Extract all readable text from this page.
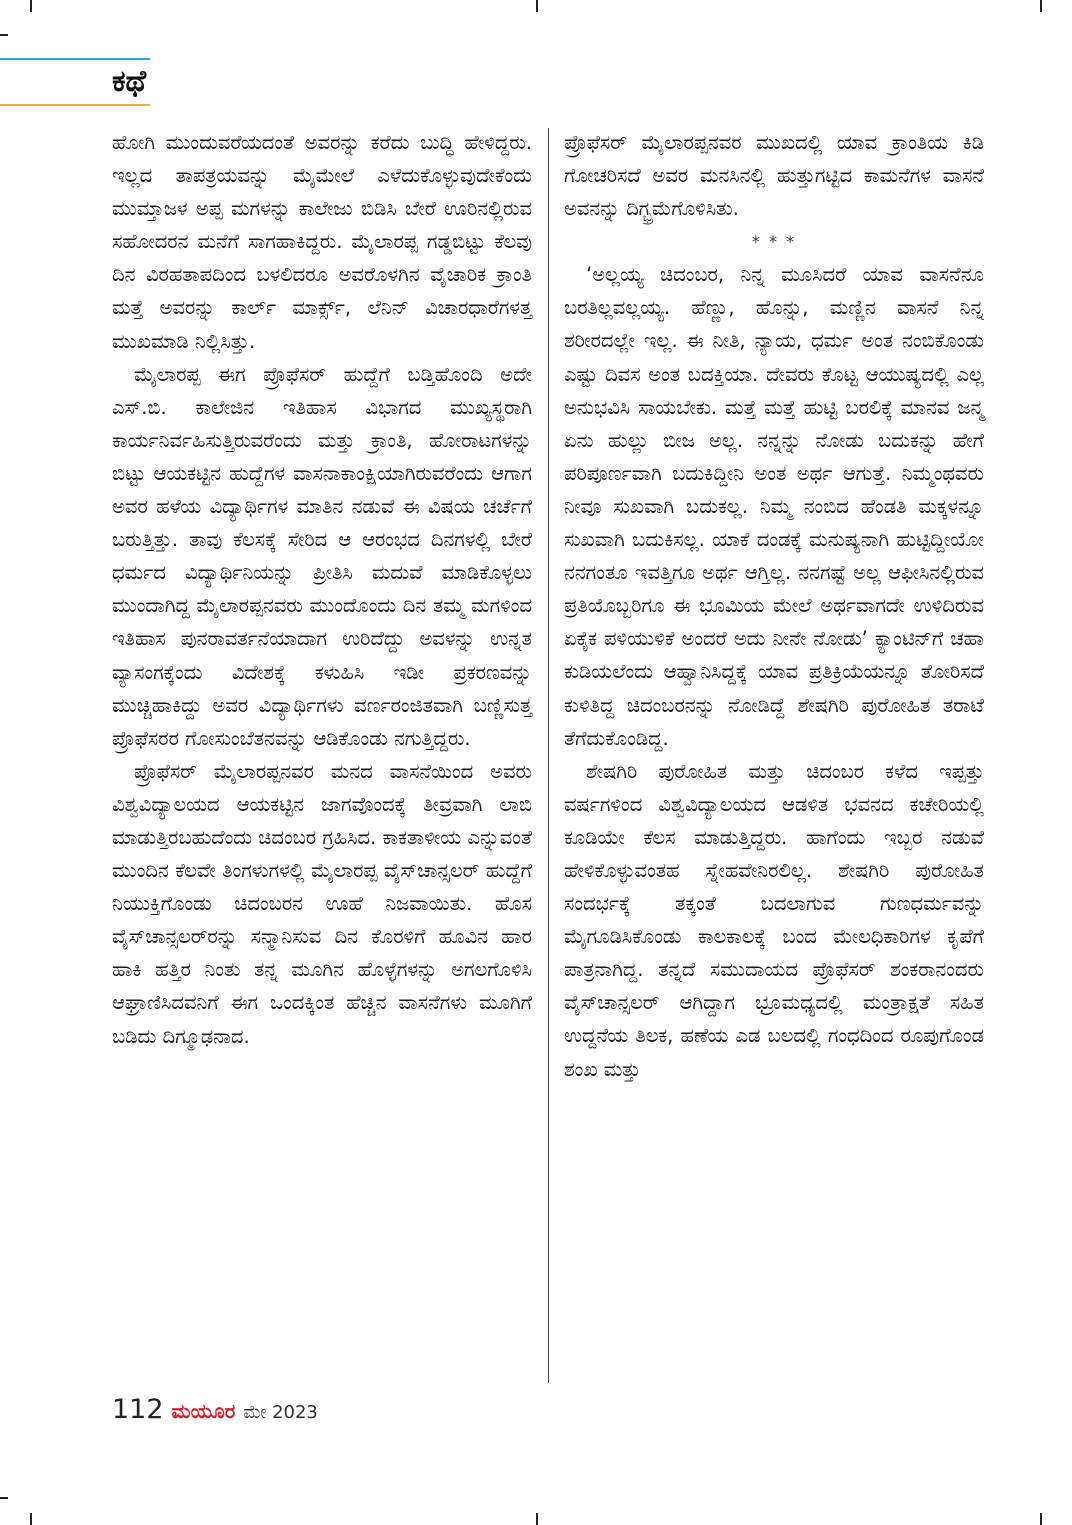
ಕಥೆ

ಹೋಗಿ ಮುಂದುವರೆಯದಂತೆ ಅವರನ್ನು ಕರೆದು ಬುದ್ಧಿ ಹೇಳಿದ್ದರು. ಇಲ್ಲದ ತಾಪತ್ರಯವನ್ನು ಮೈಮೇಲೆ ಎಳೆದುಕೊಳ್ಳುವುದೇಕೆಂದು ಮುಮ್ತಾಜಳ ಅಪ್ಪ ಮಗಳನ್ನು ಕಾಲೇಜು ಬಿಡಿಸಿ ಬೇರೆ ಊರಿನಲ್ಲಿರುವ ಸಹೋದರನ ಮನೆಗೆ ಸಾಗಹಾಕಿದ್ದರು. ಮೈಲಾರಪ್ಪ ಗಡ್ಡಬಿಟ್ಟು ಕೆಲವು ದಿನ ವಿರಹತಾಪದಿಂದ ಬಳಲಿದರೂ ಅವರೊಳಗಿನ ವೈಚಾರಿಕ ಕ್ರಾಂತಿ ಮತ್ತೆ ಅವರನ್ನು ಕಾರ್ಲ್ ಮಾರ್ಕ್ಸ್, ಲೆನಿನ್ ವಿಚಾರಧಾರೆಗಳತ್ತ ಮುಖಮಾಡಿ ನಿಲ್ಲಿಸಿತ್ತು.

ಮೈಲಾರಪ್ಪ ಈಗ ಪ್ರೊಫೆಸರ್ ಹುದ್ದೆಗೆ ಬಡ್ತಿಹೊಂದಿ ಅದೇ ಎಸ್.ಬಿ. ಕಾಲೇಜಿನ ಇತಿಹಾಸ ವಿಭಾಗದ ಮುಖ್ಯಸ್ಥರಾಗಿ ಕಾರ್ಯನಿರ್ವಹಿಸುತ್ತಿರುವರೆಂದು ಮತ್ತು ಕ್ರಾಂತಿ, ಹೋರಾಟಗಳನ್ನು ಬಿಟ್ಟು ಆಯಕಟ್ಟಿನ ಹುದ್ದೆಗಳ ವಾಸನಾಕಾಂಕ್ಷಿಯಾಗಿರುವರೆಂದು ಆಗಾಗ ಅವರ ಹಳೆಯ ವಿದ್ಯಾರ್ಥಿಗಳ ಮಾತಿನ ನಡುವೆ ಈ ವಿಷಯ ಚರ್ಚೆಗೆ ಬರುತ್ತಿತ್ತು. ತಾವು ಕೆಲಸಕ್ಕೆ ಸೇರಿದ ಆ ಆರಂಭದ ದಿನಗಳಲ್ಲಿ ಬೇರೆ ಧರ್ಮದ ವಿದ್ಯಾರ್ಥಿನಿಯನ್ನು ಪ್ರೀತಿಸಿ ಮದುವೆ ಮಾಡಿಕೊಳ್ಳಲು ಮುಂದಾಗಿದ್ದ ಮೈಲಾರಪ್ಪನವರು ಮುಂದೊಂದು ದಿನ ತಮ್ಮ ಮಗಳಿಂದ ಇತಿಹಾಸ ಪುನರಾವರ್ತನೆಯಾದಾಗ ಉರಿದೆದ್ದು ಅವಳನ್ನು ಉನ್ನತ ವ್ಯಾಸಂಗಕ್ಕೆಂದು ವಿದೇಶಕ್ಕೆ ಕಳುಹಿಸಿ ಇಡೀ ಪ್ರಕರಣವನ್ನು ಮುಚ್ಚಿಹಾಕಿದ್ದು ಅವರ ವಿದ್ಯಾರ್ಥಿಗಳು ವರ್ಣರಂಜಿತವಾಗಿ ಬಣ್ಣಿಸುತ್ತ ಪ್ರೊಫೆಸರರ ಗೋಸುಂಬೆತನವನ್ನು ಆಡಿಕೊಂಡು ನಗುತ್ತಿದ್ದರು.

ಪ್ರೊಫೆಸರ್ ಮೈಲಾರಪ್ಪನವರ ಮನದ ವಾಸನೆಯಿಂದ ಅವರು ವಿಶ್ವವಿದ್ಯಾಲಯದ ಆಯಕಟ್ಟಿನ ಜಾಗವೊಂದಕ್ಕೆ ತೀವ್ರವಾಗಿ ಲಾಬಿ ಮಾಡುತ್ತಿರಬಹುದೆಂದು ಚಿದಂಬರ ಗ್ರಹಿಸಿದ. ಕಾಕತಾಳೀಯ ಎನ್ನುವಂತೆ ಮುಂದಿನ ಕೆಲವೇ ತಿಂಗಳುಗಳಲ್ಲಿ ಮೈಲಾರಪ್ಪ ವೈಸ್‌ಚಾನ್ಸಲರ್ ಹುದ್ದೆಗೆ ನಿಯುಕ್ತಿಗೊಂಡು ಚಿದಂಬರನ ಊಹೆ ನಿಜವಾಯಿತು. ಹೊಸ ವೈಸ್‌ಚಾನ್ಸಲರ್‌ರನ್ನು ಸನ್ಮಾನಿಸುವ ದಿನ ಕೊರಳಿಗೆ ಹೂವಿನ ಹಾರ ಹಾಕಿ ಹತ್ತಿರ ನಿಂತು ತನ್ನ ಮೂಗಿನ ಹೊಳ್ಳೆಗಳನ್ನು ಅಗಲಗೊಳಿಸಿ ಆಘ್ರಾಣಿಸಿದವನಿಗೆ ಈಗ ಒಂದಕ್ಕಿಂತ ಹೆಚ್ಚಿನ ವಾಸನೆಗಳು ಮೂಗಿಗೆ ಬಡಿದು ದಿಗ್ಮೂಢನಾದ.

ಪ್ರೊಫೆಸರ್ ಮೈಲಾರಪ್ಪನವರ ಮುಖದಲ್ಲಿ ಯಾವ ಕ್ರಾಂತಿಯ ಕಿಡಿ ಗೋಚರಿಸದೆ ಅವರ ಮನಸಿನಲ್ಲಿ ಹುತ್ತುಗಟ್ಟಿದ ಕಾಮನೆಗಳ ವಾಸನೆ ಅವನನ್ನು ದಿಗ್ಭ್ರಮೆಗೊಳಿಸಿತು.

* * *

‘ಅಲ್ಲಯ್ಯ ಚಿದಂಬರ, ನಿನ್ನ ಮೂಸಿದರೆ ಯಾವ ವಾಸನೆನೂ ಬರತಿಲ್ಲವಲ್ಲಯ್ಯ. ಹೆಣ್ಣು, ಹೊನ್ನು, ಮಣ್ಣಿನ ವಾಸನೆ ನಿನ್ನ ಶರೀರದಲ್ಲೇ ಇಲ್ಲ. ಈ ನೀತಿ, ನ್ಯಾಯ, ಧರ್ಮ ಅಂತ ನಂಬಿಕೊಂಡು ಎಷ್ಟು ದಿವಸ ಅಂತ ಬದಕ್ತಿಯಾ. ದೇವರು ಕೊಟ್ಟ ಆಯುಷ್ಯದಲ್ಲಿ ಎಲ್ಲ ಅನುಭವಿಸಿ ಸಾಯಬೇಕು. ಮತ್ತೆ ಮತ್ತೆ ಹುಟ್ಟಿ ಬರಲಿಕ್ಕೆ ಮಾನವ ಜನ್ಮ ಏನು ಹುಲ್ಲು ಬೀಜ ಅಲ್ಲ. ನನ್ನನ್ನು ನೋಡು ಬದುಕನ್ನು ಹೇಗೆ ಪರಿಪೂರ್ಣವಾಗಿ ಬದುಕಿದ್ದೀನಿ ಅಂತ ಅರ್ಥ ಆಗುತ್ತೆ. ನಿಮ್ಮಂಥವರು ನೀವೂ ಸುಖವಾಗಿ ಬದುಕಲ್ಲ. ನಿಮ್ಮ ನಂಬಿದ ಹೆಂಡತಿ ಮಕ್ಕಳನ್ನೂ ಸುಖವಾಗಿ ಬದುಕಿಸಲ್ಲ. ಯಾಕೆ ದಂಡಕ್ಕೆ ಮನುಷ್ಯನಾಗಿ ಹುಟ್ಟಿದ್ದೀಯೋ ನನಗಂತೂ ಇವತ್ತಿಗೂ ಅರ್ಥ ಆಗ್ತಿಲ್ಲ. ನನಗಷ್ಟೆ ಅಲ್ಲ ಆಫೀಸಿನಲ್ಲಿರುವ ಪ್ರತಿಯೊಬ್ಬರಿಗೂ ಈ ಭೂಮಿಯ ಮೇಲೆ ಅರ್ಥವಾಗದೇ ಉಳಿದಿರುವ ಏಕೈಕ ಪಳಿಯುಳಿಕೆ ಅಂದರೆ ಅದು ನೀನೇ ನೋಡು’ ಕ್ಯಾಂಟಿನ್‌ಗೆ ಚಹಾ ಕುಡಿಯಲೆಂದು ಆಹ್ವಾನಿಸಿದ್ದಕ್ಕೆ ಯಾವ ಪ್ರತಿಕ್ರಿಯೆಯನ್ನೂ ತೋರಿಸದೆ ಕುಳಿತಿದ್ದ ಚಿದಂಬರನನ್ನು ನೋಡಿದ್ದೆ ಶೇಷಗಿರಿ ಪುರೋಹಿತ ತರಾಟೆ ತೆಗೆದುಕೊಂಡಿದ್ದ.

ಶೇಷಗಿರಿ ಪುರೋಹಿತ ಮತ್ತು ಚಿದಂಬರ ಕಳೆದ ಇಪ್ಪತ್ತು ವರ್ಷಗಳಿಂದ ವಿಶ್ವವಿದ್ಯಾಲಯದ ಆಡಳಿತ ಭವನದ ಕಚೇರಿಯಲ್ಲಿ ಕೂಡಿಯೇ ಕೆಲಸ ಮಾಡುತ್ತಿದ್ದರು. ಹಾಗೆಂದು ಇಬ್ಬರ ನಡುವೆ ಹೇಳಿಕೊಳ್ಳುವಂತಹ ಸ್ನೇಹವೇನಿರಲಿಲ್ಲ. ಶೇಷಗಿರಿ ಪುರೋಹಿತ ಸಂದರ್ಭಕ್ಕೆ ತಕ್ಕಂತೆ ಬದಲಾಗುವ ಗುಣಧರ್ಮವನ್ನು ಮೈಗೂಡಿಸಿಕೊಂಡು ಕಾಲಕಾಲಕ್ಕೆ ಬಂದ ಮೇಲಧಿಕಾರಿಗಳ ಕೃಪೆಗೆ ಪಾತ್ರನಾಗಿದ್ದ. ತನ್ನದೆ ಸಮುದಾಯದ ಪ್ರೊಫೆಸರ್ ಶಂಕರಾನಂದರು ವೈಸ್‌ಚಾನ್ಸಲರ್ ಆಗಿದ್ದಾಗ ಭ್ರೂಮಧ್ಯದಲ್ಲಿ ಮಂತ್ರಾಕ್ಷತೆ ಸಹಿತ ಉದ್ದನೆಯ ತಿಲಕ, ಹಣೆಯ ಎಡ ಬಲದಲ್ಲಿ ಗಂಧದಿಂದ ರೂಪುಗೊಂಡ ಶಂಖ ಮತ್ತು

112 ಮಯೂರ ಮೇ 2023
